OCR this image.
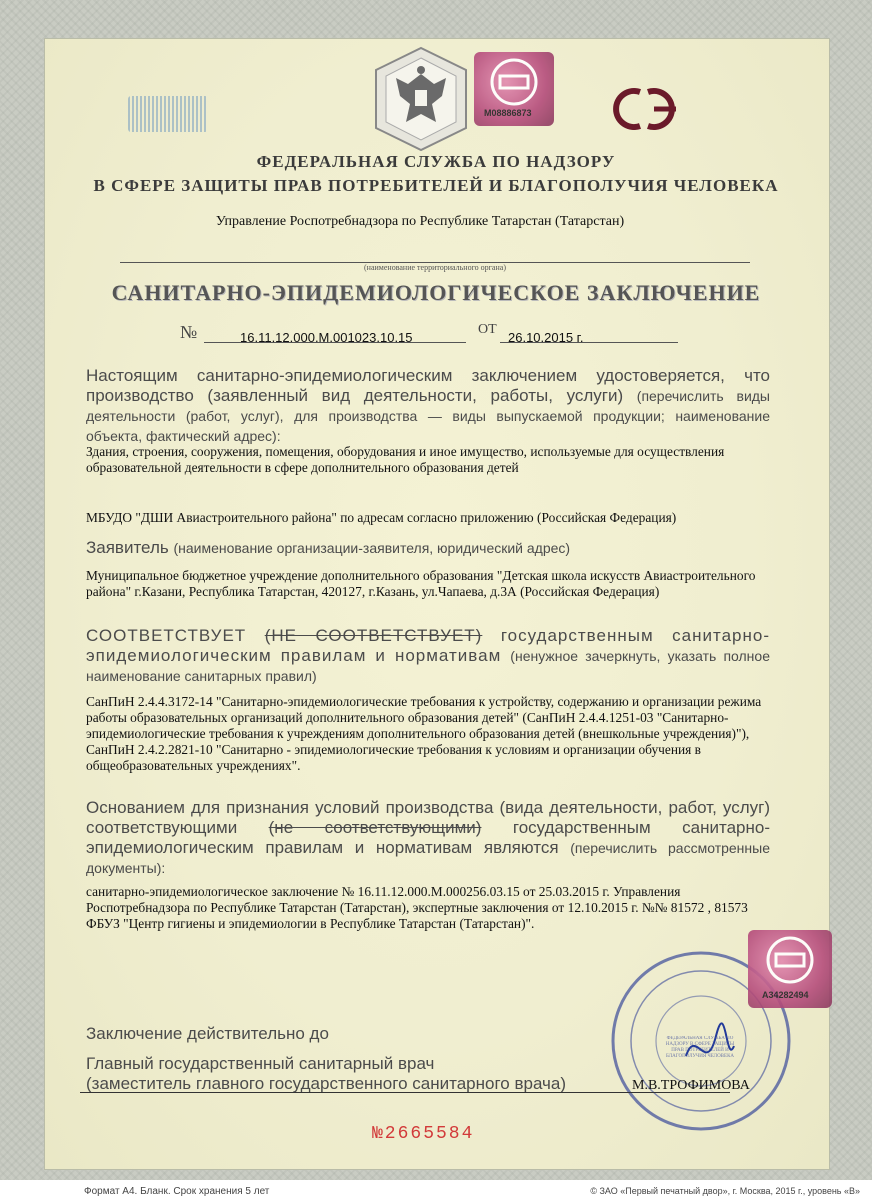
М08886873
ФЕДЕРАЛЬНАЯ СЛУЖБА ПО НАДЗОРУ
В СФЕРЕ ЗАЩИТЫ ПРАВ ПОТРЕБИТЕЛЕЙ И БЛАГОПОЛУЧИЯ ЧЕЛОВЕКА
Управление Роспотребнадзора по Республике Татарстан (Татарстан)
(наименование территориального органа)
САНИТАРНО-ЭПИДЕМИОЛОГИЧЕСКОЕ ЗАКЛЮЧЕНИЕ
№	16.11.12.000.М.001023.10.15
ОТ
26.10.2015 г.
Настоящим санитарно-эпидемиологическим заключением удостоверяется, что производство (заявленный вид деятельности, работы, услуги) (перечислить виды деятельности (работ, услуг), для производства — виды выпускаемой продукции; наименование объекта, фактический адрес):
Здания, строения, сооружения, помещения, оборудования и иное имущество, используемые для осуществления образовательной деятельности в сфере дополнительного образования детей
МБУДО "ДШИ Авиастроительного района" по адресам согласно приложению (Российская Федерация)
Заявитель (наименование организации-заявителя, юридический адрес)
Муниципальное бюджетное учреждение дополнительного образования "Детская школа искусств Авиастроительного района" г.Казани, Республика Татарстан, 420127, г.Казань, ул.Чапаева, д.3А (Российская Федерация)
СООТВЕТСТВУЕТ (НЕ СООТВЕТСТВУЕТ) государственным санитарно-эпидемиологическим правилам и нормативам (ненужное зачеркнуть, указать полное наименование санитарных правил)
СанПиН 2.4.4.3172-14 "Санитарно-эпидемиологические требования к устройству, содержанию и организации режима работы образовательных организаций дополнительного образования детей" (СанПиН 2.4.4.1251-03 "Санитарно-эпидемиологические требования к учреждениям дополнительного образования детей (внешкольные учреждения)"), СанПиН 2.4.2.2821-10 "Санитарно - эпидемиологические требования к условиям и организации обучения в общеобразовательных учреждениях".
Основанием для признания условий производства (вида деятельности, работ, услуг) соответствующими (не соответствующими) государственным санитарно-эпидемиологическим правилам и нормативам являются (перечислить рассмотренные документы):
санитарно-эпидемиологическое заключение № 16.11.12.000.М.000256.03.15 от 25.03.2015 г. Управления Роспотребнадзора по Республике Татарстан (Татарстан), экспертные заключения от 12.10.2015 г. №№ 81572 , 81573 ФБУЗ "Центр гигиены и эпидемиологии в Республике Татарстан (Татарстан)".
ФЕДЕРАЛЬНАЯ СЛУЖБА ПО НАДЗОРУ В СФЕРЕ ЗАЩИТЫ ПРАВ ПОТРЕБИТЕЛЕЙ И БЛАГОПОЛУЧИЯ ЧЕЛОВЕКА
А34282494
Заключение действительно до
Главный государственный санитарный врач
(заместитель главного государственного санитарного врача)	М.В.ТРОФИМОВА
№2665584
Формат А4. Бланк. Срок хранения 5 лет	© ЗАО «Первый печатный двор», г. Москва, 2015 г., уровень «В»
